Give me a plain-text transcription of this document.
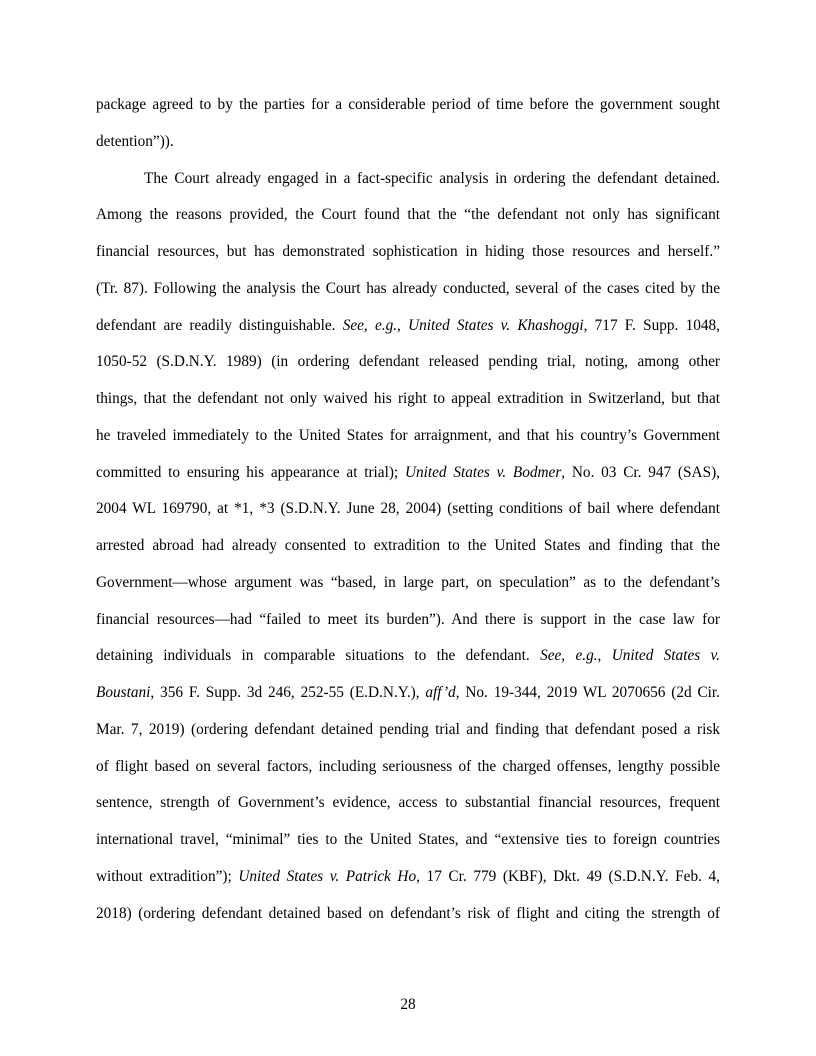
package agreed to by the parties for a considerable period of time before the government sought
detention”)).
The Court already engaged in a fact-specific analysis in ordering the defendant detained.
Among the reasons provided, the Court found that the “the defendant not only has significant
financial resources, but has demonstrated sophistication in hiding those resources and herself.”
(Tr. 87). Following the analysis the Court has already conducted, several of the cases cited by the
defendant are readily distinguishable. See, e.g., United States v. Khashoggi, 717 F. Supp. 1048,
1050-52 (S.D.N.Y. 1989) (in ordering defendant released pending trial, noting, among other
things, that the defendant not only waived his right to appeal extradition in Switzerland, but that
he traveled immediately to the United States for arraignment, and that his country’s Government
committed to ensuring his appearance at trial); United States v. Bodmer, No. 03 Cr. 947 (SAS),
2004 WL 169790, at *1, *3 (S.D.N.Y. June 28, 2004) (setting conditions of bail where defendant
arrested abroad had already consented to extradition to the United States and finding that the
Government—whose argument was “based, in large part, on speculation” as to the defendant’s
financial resources—had “failed to meet its burden”). And there is support in the case law for
detaining individuals in comparable situations to the defendant. See, e.g., United States v.
Boustani, 356 F. Supp. 3d 246, 252-55 (E.D.N.Y.), aff’d, No. 19-344, 2019 WL 2070656 (2d Cir.
Mar. 7, 2019) (ordering defendant detained pending trial and finding that defendant posed a risk
of flight based on several factors, including seriousness of the charged offenses, lengthy possible
sentence, strength of Government’s evidence, access to substantial financial resources, frequent
international travel, “minimal” ties to the United States, and “extensive ties to foreign countries
without extradition”); United States v. Patrick Ho, 17 Cr. 779 (KBF), Dkt. 49 (S.D.N.Y. Feb. 4,
2018) (ordering defendant detained based on defendant’s risk of flight and citing the strength of
28
